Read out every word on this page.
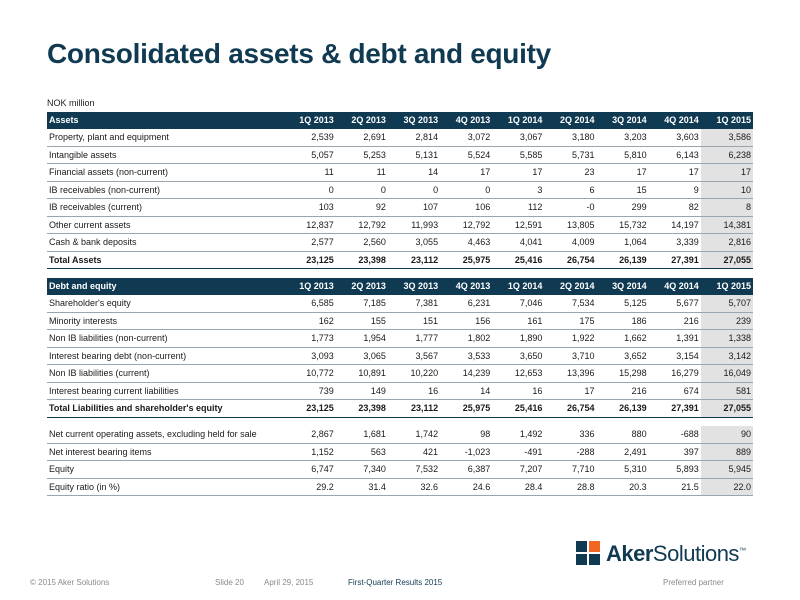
Consolidated assets & debt and equity
NOK million
Assets	1Q 2013	2Q 2013	3Q 2013	4Q 2013	1Q 2014	2Q 2014	3Q 2014	4Q 2014	1Q 2015
Property, plant and equipment	2,539	2,691	2,814	3,072	3,067	3,180	3,203	3,603	3,586
Intangible assets	5,057	5,253	5,131	5,524	5,585	5,731	5,810	6,143	6,238
Financial assets (non-current)	11	11	14	17	17	23	17	17	17
IB receivables (non-current)	0	0	0	0	3	6	15	9	10
IB receivables (current)	103	92	107	106	112	-0	299	82	8
Other current assets	12,837	12,792	11,993	12,792	12,591	13,805	15,732	14,197	14,381
Cash & bank deposits	2,577	2,560	3,055	4,463	4,041	4,009	1,064	3,339	2,816
Total Assets	23,125	23,398	23,112	25,975	25,416	26,754	26,139	27,391	27,055
Debt and equity	1Q 2013	2Q 2013	3Q 2013	4Q 2013	1Q 2014	2Q 2014	3Q 2014	4Q 2014	1Q 2015
Shareholder's equity	6,585	7,185	7,381	6,231	7,046	7,534	5,125	5,677	5,707
Minority interests	162	155	151	156	161	175	186	216	239
Non IB liabilities (non-current)	1,773	1,954	1,777	1,802	1,890	1,922	1,662	1,391	1,338
Interest bearing debt (non-current)	3,093	3,065	3,567	3,533	3,650	3,710	3,652	3,154	3,142
Non IB liabilities (current)	10,772	10,891	10,220	14,239	12,653	13,396	15,298	16,279	16,049
Interest bearing current liabilities	739	149	16	14	16	17	216	674	581
Total Liabilities and shareholder's equity	23,125	23,398	23,112	25,975	25,416	26,754	26,139	27,391	27,055
Net current operating assets, excluding held for sale	2,867	1,681	1,742	98	1,492	336	880	-688	90
Net interest bearing items	1,152	563	421	-1,023	-491	-288	2,491	397	889
Equity	6,747	7,340	7,532	6,387	7,207	7,710	5,310	5,893	5,945
Equity ratio (in %)	29.2	31.4	32.6	24.6	28.4	28.8	20.3	21.5	22.0
AkerSolutions™
© 2015 Aker Solutions	Slide 20	April 29, 2015	First-Quarter Results 2015	Preferred partner
